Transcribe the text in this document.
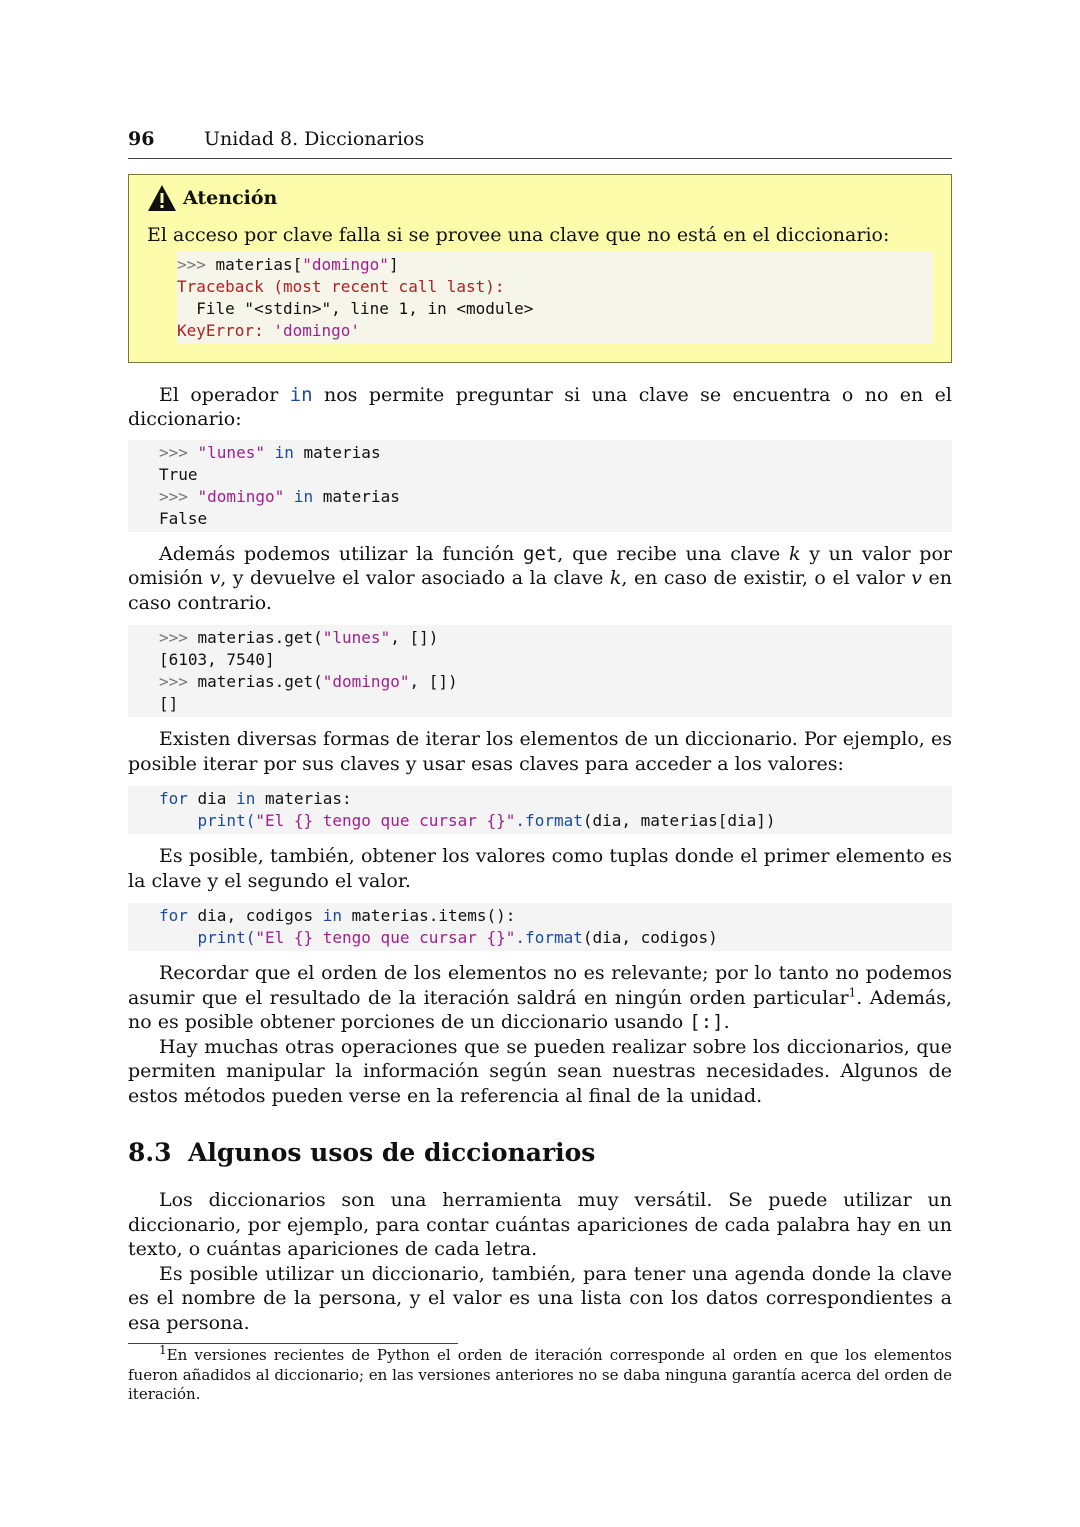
96	Unidad 8. Diccionarios
Atención

El acceso por clave falla si se provee una clave que no está en el diccionario:

>>> materias["domingo"]
Traceback (most recent call last):
File "<stdin>", line 1, in <module>
KeyError: 'domingo'

El operador in nos permite preguntar si una clave se encuentra o no en el diccionario:

>>> "lunes" in materias
True
>>> "domingo" in materias
False

Además podemos utilizar la función get, que recibe una clave k y un valor por omisión v, y devuelve el valor asociado a la clave k, en caso de existir, o el valor v en caso contrario.

>>> materias.get("lunes", [])
[6103, 7540]
>>> materias.get("domingo", [])
[]

Existen diversas formas de iterar los elementos de un diccionario. Por ejemplo, es posible iterar por sus claves y usar esas claves para acceder a los valores:

for dia in materias:
print("El {} tengo que cursar {}".format(dia, materias[dia])

Es posible, también, obtener los valores como tuplas donde el primer elemento es la clave y el segundo el valor.

for dia, codigos in materias.items():
print("El {} tengo que cursar {}".format(dia, codigos)

Recordar que el orden de los elementos no es relevante; por lo tanto no podemos asumir que el resultado de la iteración saldrá en ningún orden particular$^1$. Además, no es posible obtener porciones de un diccionario usando [:].

Hay muchas otras operaciones que se pueden realizar sobre los diccionarios, que permiten manipular la información según sean nuestras necesidades. Algunos de estos métodos pueden verse en la referencia al final de la unidad.

8.3 Algunos usos de diccionarios

Los diccionarios son una herramienta muy versátil. Se puede utilizar un diccionario, por ejemplo, para contar cuántas apariciones de cada palabra hay en un texto, o cuántas apariciones de cada letra.

Es posible utilizar un diccionario, también, para tener una agenda donde la clave es el nombre de la persona, y el valor es una lista con los datos correspondientes a esa persona.

$^1$En versiones recientes de Python el orden de iteración corresponde al orden en que los elementos fueron añadidos al diccionario; en las versiones anteriores no se daba ninguna garantía acerca del orden de iteración.
